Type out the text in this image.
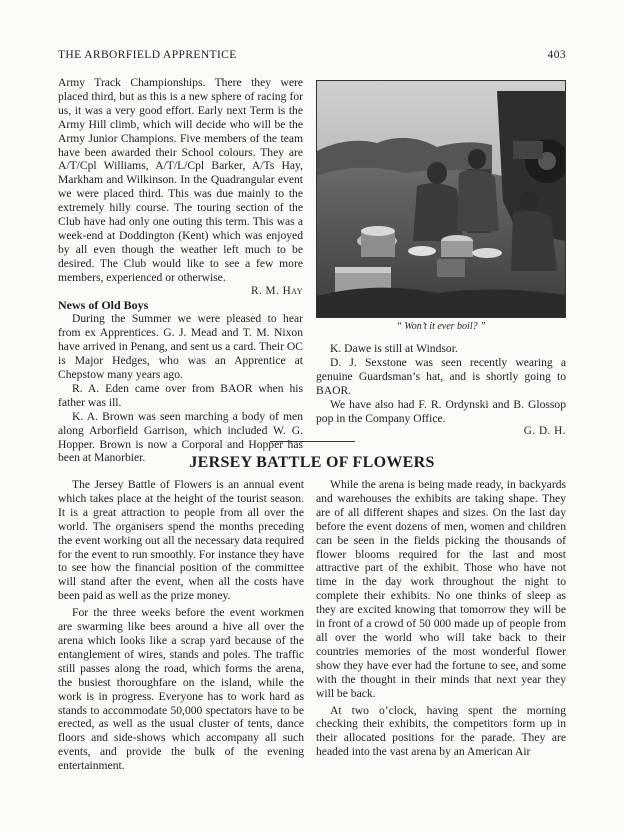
THE ARBORFIELD APPRENTICE	403

Army Track Championships. There they were placed third, but as this is a new sphere of racing for us, it was a very good effort. Early next Term is the Army Hill climb, which will decide who will be the Army Junior Champions. Five members of the team have been awarded their School colours. They are A/T/Cpl Williams, A/T/L/Cpl Barker, A/Ts Hay, Markham and Wilkinson. In the Quadrangular event we were placed third. This was due mainly to the extremely hilly course. The touring section of the Club have had only one outing this term. This was a week-end at Doddington (Kent) which was enjoyed by all even though the weather left much to be desired. The Club would like to see a few more members, experienced or otherwise.

R. M. Hay

News of Old Boys

During the Summer we were pleased to hear from ex Apprentices. G. J. Mead and T. M. Nixon have arrived in Penang, and sent us a card. Their OC is Major Hedges, who was an Apprentice at Chepstow many years ago.

R. A. Eden came over from BAOR when his father was ill.

K. A. Brown was seen marching a body of men along Arborfield Garrison, which included W. G. Hopper. Brown is now a Corporal and Hopper has been at Manorbier.

“ Won’t it ever boil? ”

K. Dawe is still at Windsor.

D. J. Sexstone was seen recently wearing a genuine Guardsman’s hat, and is shortly going to BAOR.

We have also had F. R. Ordynski and B. Glossop pop in the Company Office.

G. D. H.

JERSEY BATTLE OF FLOWERS

The Jersey Battle of Flowers is an annual event which takes place at the height of the tourist season. It is a great attraction to people from all over the world. The organisers spend the months preceding the event working out all the necessary data required for the event to run smoothly. For instance they have to see how the financial position of the committee will stand after the event, when all the costs have been paid as well as the prize money.

For the three weeks before the event workmen are swarming like bees around a hive all over the arena which looks like a scrap yard because of the entanglement of wires, stands and poles. The traffic still passes along the road, which forms the arena, the busiest thoroughfare on the island, while the work is in progress. Everyone has to work hard as stands to accommodate 50,000 spectators have to be erected, as well as the usual cluster of tents, dance floors and side-shows which accompany all such events, and provide the bulk of the evening entertainment.

While the arena is being made ready, in backyards and warehouses the exhibits are taking shape. They are of all different shapes and sizes. On the last day before the event dozens of men, women and children can be seen in the fields picking the thousands of flower blooms required for the last and most attractive part of the exhibit. Those who have not time in the day work throughout the night to complete their exhibits. No one thinks of sleep as they are excited knowing that tomorrow they will be in front of a crowd of 50 000 made up of people from all over the world who will take back to their countries memories of the most wonderful flower show they have ever had the fortune to see, and some with the thought in their minds that next year they will be back.

At two o’clock, having spent the morning checking their exhibits, the competitors form up in their allocated positions for the parade. They are headed into the vast arena by an American Air
